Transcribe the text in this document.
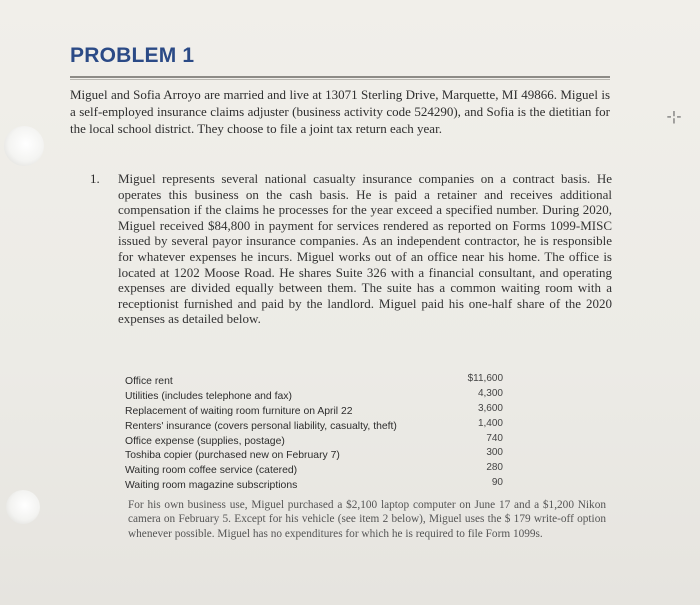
-¦-
PROBLEM 1
Miguel and Sofia Arroyo are married and live at 13071 Sterling Drive, Marquette, MI 49866. Miguel is a self-employed insurance claims adjuster (business activity code 524290), and Sofia is the dietitian for the local school district. They choose to file a joint tax return each year.
1. Miguel represents several national casualty insurance companies on a contract basis. He operates this business on the cash basis. He is paid a retainer and receives additional compensation if the claims he processes for the year exceed a specified number. During 2020, Miguel received $84,800 in payment for services rendered as reported on Forms 1099-MISC issued by several payor insurance companies. As an independent contractor, he is responsible for whatever expenses he incurs. Miguel works out of an office near his home. The office is located at 1202 Moose Road. He shares Suite 326 with a financial consultant, and operating expenses are divided equally between them. The suite has a common waiting room with a receptionist furnished and paid by the landlord. Miguel paid his one-half share of the 2020 expenses as detailed below.
Office rent	$11,600
Utilities (includes telephone and fax)	4,300
Replacement of waiting room furniture on April 22	3,600
Renters' insurance (covers personal liability, casualty, theft)	1,400
Office expense (supplies, postage)	740
Toshiba copier (purchased new on February 7)	300
Waiting room coffee service (catered)	280
Waiting room magazine subscriptions	90
For his own business use, Miguel purchased a $2,100 laptop computer on June 17 and a $1,200 Nikon camera on February 5. Except for his vehicle (see item 2 below), Miguel uses the $ 179 write-off option whenever possible. Miguel has no expenditures for which he is required to file Form 1099s.
